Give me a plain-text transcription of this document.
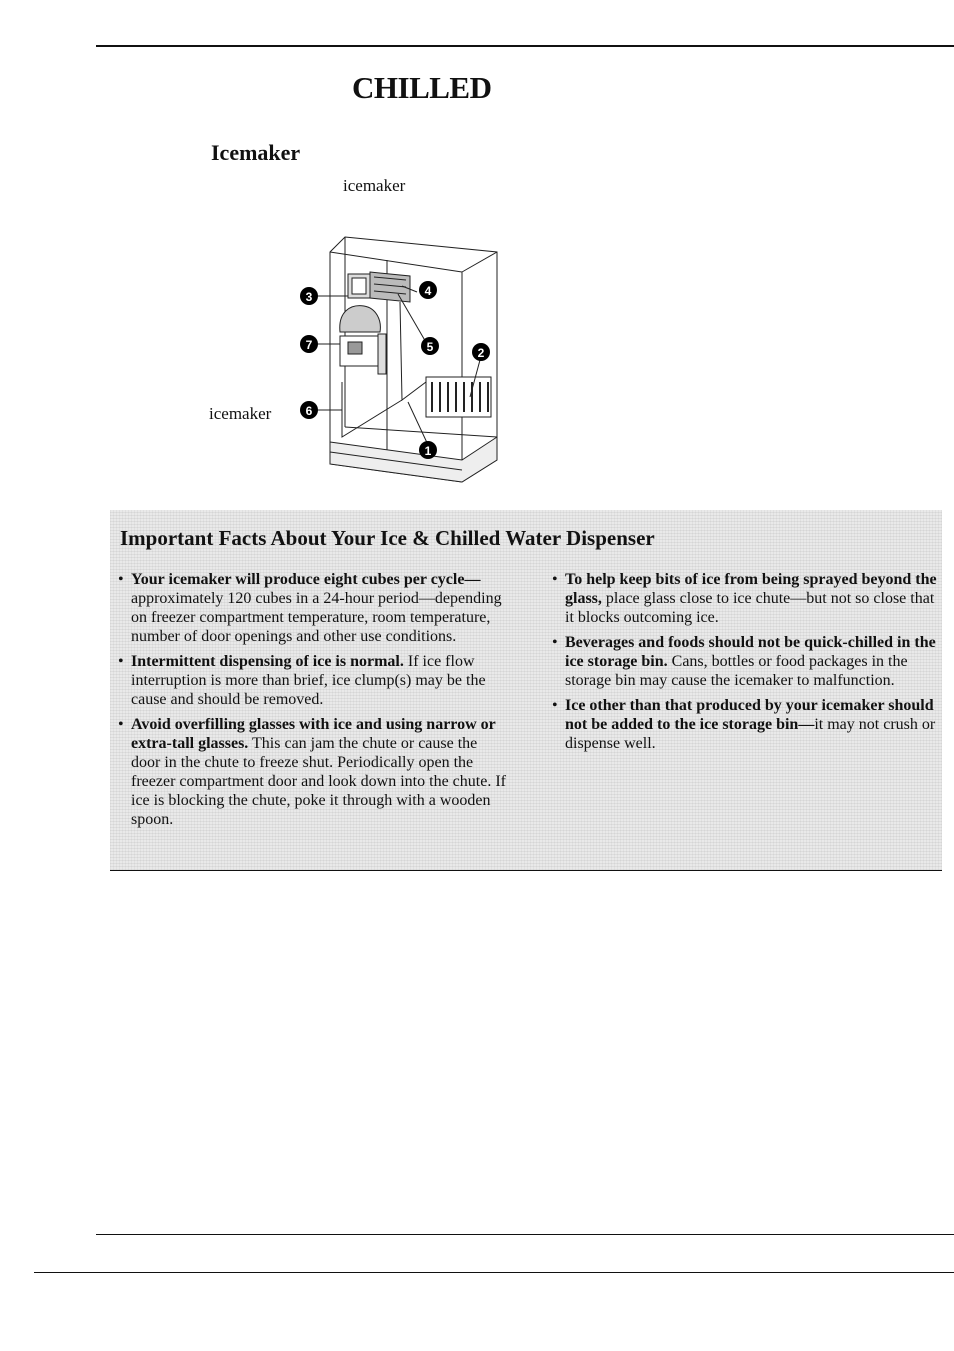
CHILLED
Icemaker
icemaker
icemaker
3	4
5
7
2
6
1
Important Facts About Your Ice & Chilled Water Dispenser
• Your icemaker will produce eight cubes per cycle— approximately 120 cubes in a 24-hour period—depending on freezer compartment temperature, room temperature, number of door openings and other use conditions.
• Intermittent dispensing of ice is normal. If ice flow interruption is more than brief, ice clump(s) may be the cause and should be removed.
• Avoid overfilling glasses with ice and using narrow or extra-tall glasses. This can jam the chute or cause the door in the chute to freeze shut. Periodically open the freezer compartment door and look down into the chute. If ice is blocking the chute, poke it through with a wooden spoon.
• To help keep bits of ice from being sprayed beyond the glass, place glass close to ice chute—but not so close that it blocks outcoming ice.
• Beverages and foods should not be quick-chilled in the ice storage bin. Cans, bottles or food packages in the storage bin may cause the icemaker to malfunction.
• Ice other than that produced by your icemaker should not be added to the ice storage bin—it may not crush or dispense well.
